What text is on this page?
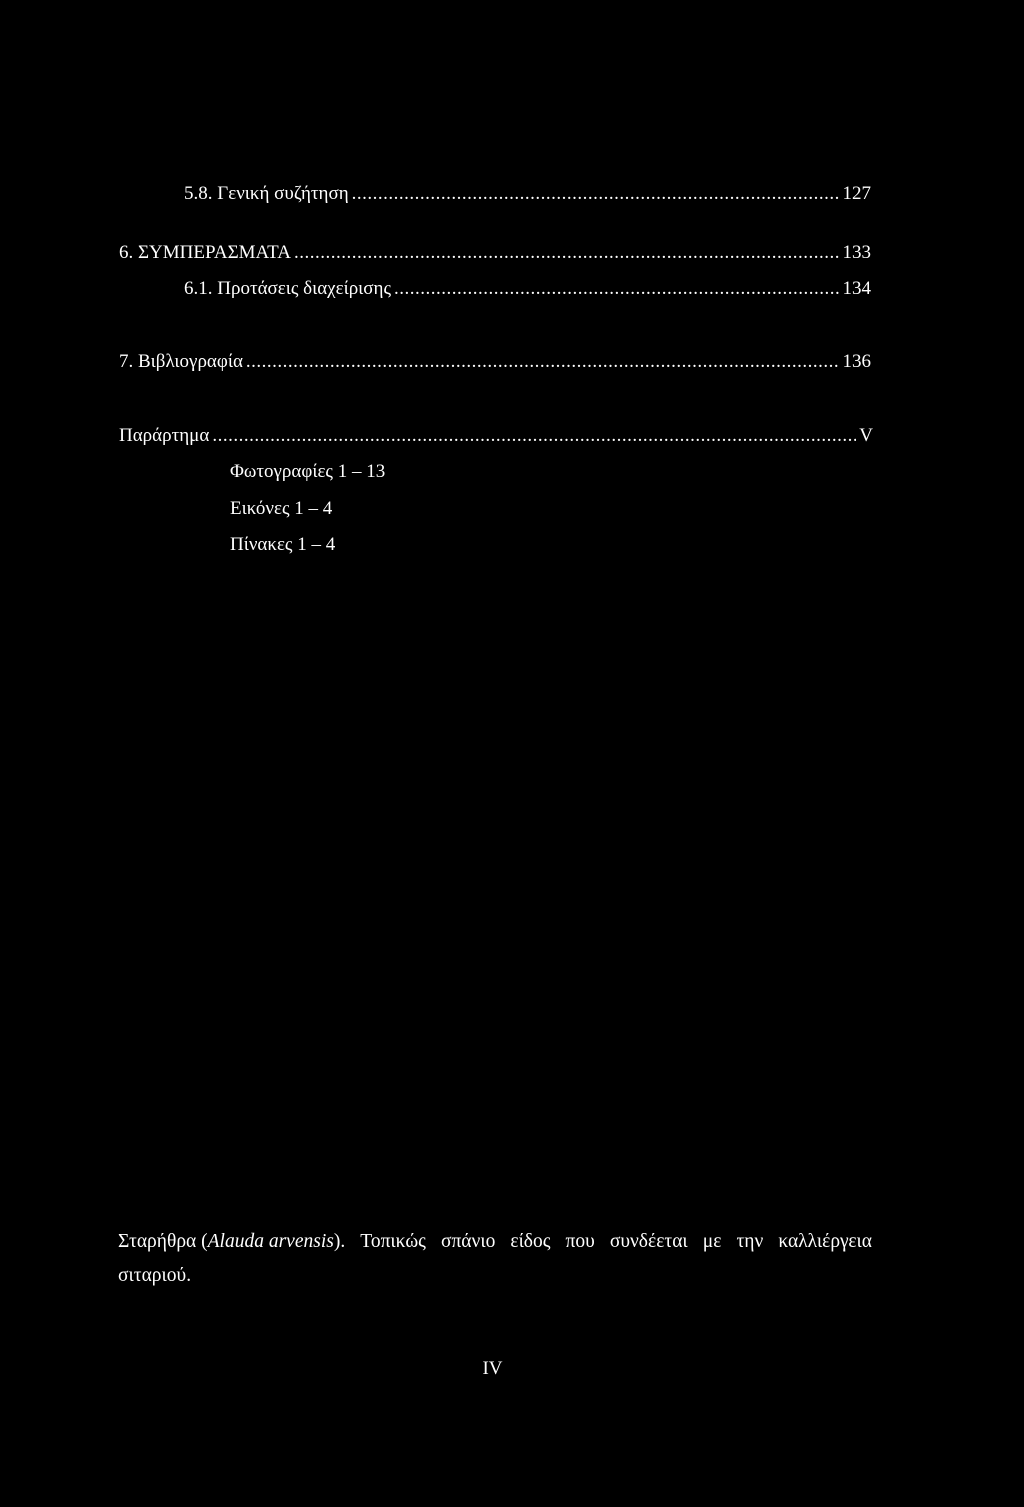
5.8. Γενική συζήτηση .....	127
6. ΣΥΜΠΕΡΑΣΜΑΤΑ .....	133
6.1. Προτάσεις διαχείρισης .....	134
7. Βιβλιογραφία .....	136
Παράρτημα .....	V
Φωτογραφίες 1 – 13
Εικόνες 1 – 4
Πίνακες 1 – 4
Σταρήθρα (Alauda arvensis). Τοπικώς σπάνιο είδος που συνδέεται με την καλλιέργεια
σιταριού.
IV
